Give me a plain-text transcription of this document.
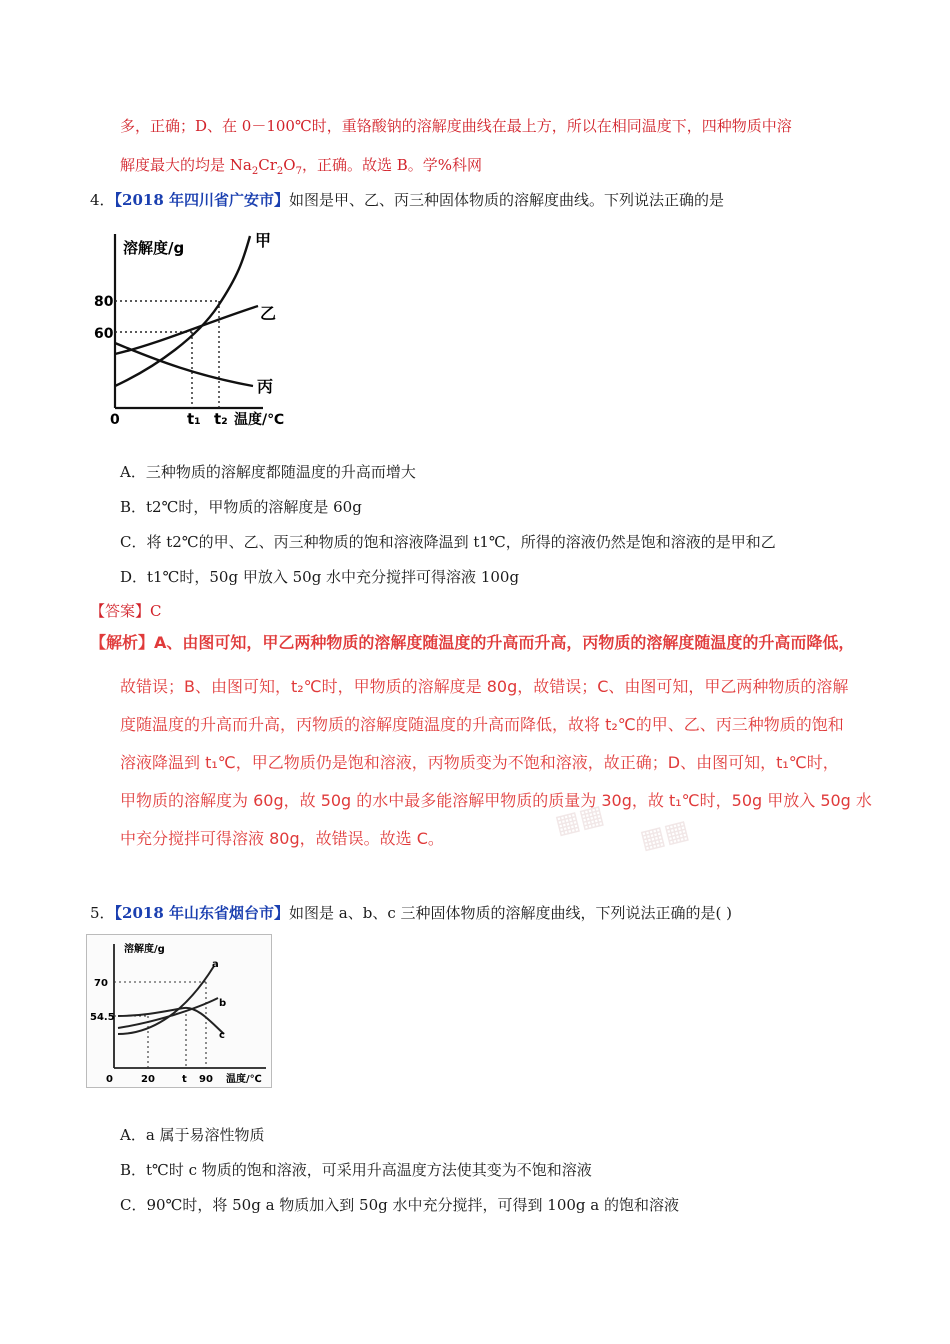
多，正确；D、在 0－100℃时，重铬酸钠的溶解度曲线在最上方，所以在相同温度下，四种物质中溶
解度最大的均是 $Na_2Cr_2O_7$，正确。故选 B。学%科网
4．【2018 年四川省广安市】如图是甲、乙、丙三种固体物质的溶解度曲线。下列说法正确的是
溶解度/g	甲
乙
丙
80
60
0	t₁ t₂ 温度/℃
A．三种物质的溶解度都随温度的升高而增大
B．t2℃时，甲物质的溶解度是 60g
C．将 t2℃的甲、乙、丙三种物质的饱和溶液降温到 t1℃，所得的溶液仍然是饱和溶液的是甲和乙
D．t1℃时，50g 甲放入 50g 水中充分搅拌可得溶液 100g
【答案】C
▦▦ ▦▦
【解析】A、由图可知，甲乙两种物质的溶解度随温度的升高而升高，丙物质的溶解度随温度的升高而降低，
故错误；B、由图可知，t₂℃时，甲物质的溶解度是 80g，故错误；C、由图可知，甲乙两种物质的溶解
度随温度的升高而升高，丙物质的溶解度随温度的升高而降低，故将 t₂℃的甲、乙、丙三种物质的饱和
溶液降温到 t₁℃，甲乙物质仍是饱和溶液，丙物质变为不饱和溶液，故正确；D、由图可知，t₁℃时，
甲物质的溶解度为 60g，故 50g 的水中最多能溶解甲物质的质量为 30g，故 t₁℃时，50g 甲放入 50g 水
中充分搅拌可得溶液 80g，故错误。故选 C。
5．【2018 年山东省烟台市】如图是 a、b、c 三种固体物质的溶解度曲线，下列说法正确的是( )
溶解度/g
a
b
c
70
54.5
0	20	t 90 温度/℃
A．a 属于易溶性物质
B．t℃时 c 物质的饱和溶液，可采用升高温度方法使其变为不饱和溶液
C．90℃时，将 50g a 物质加入到 50g 水中充分搅拌，可得到 100g a 的饱和溶液
